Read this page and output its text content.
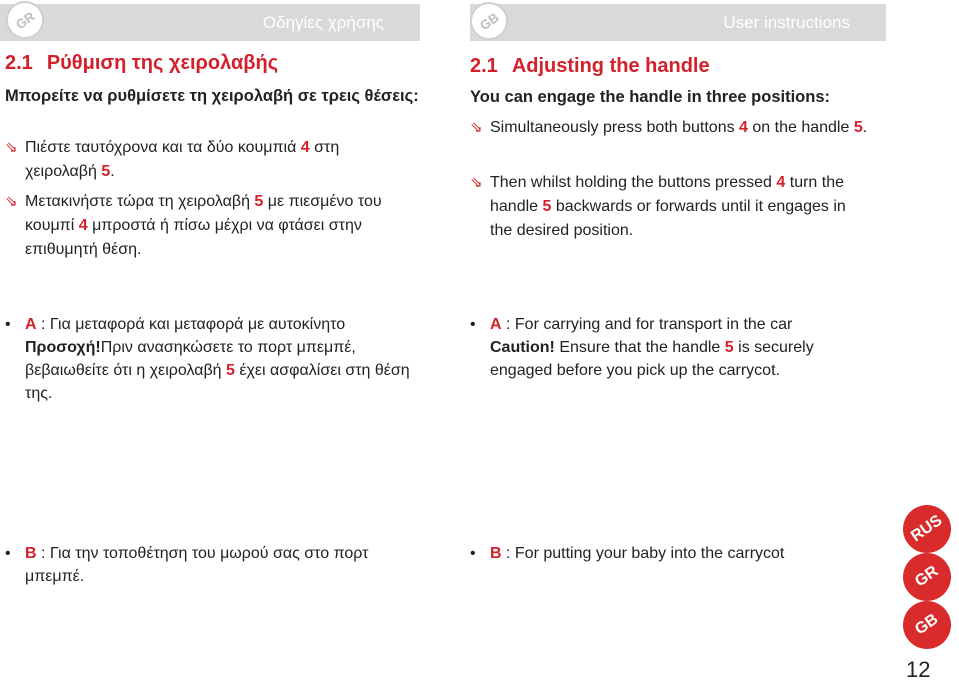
Οδηγίες χρήσης
GR
2.1 Ρύθμιση της χειρολαβής
Μπορείτε να ρυθμίσετε τη χειρολαβή σε τρεις θέσεις:
⇘ Πιέστε ταυτόχρονα και τα δύο κουμπιά 4 στη χειρολαβή 5.
⇘ Μετακινήστε τώρα τη χειρολαβή 5 με πιεσμένο του κουμπί 4 μπροστά ή πίσω μέχρι να φτάσει στην επιθυμητή θέση.
• A : Για μεταφορά και μεταφορά με αυτοκίνητο
Προσοχή!Πριν ανασηκώσετε το πορτ μπεμπέ, βεβαιωθείτε ότι η χειρολαβή 5 έχει ασφαλίσει στη θέση της.
• B : Για την τοποθέτηση του μωρού σας στο πορτ μπεμπέ.
User instructions
GB
2.1 Adjusting the handle
You can engage the handle in three positions:
⇘ Simultaneously press both buttons 4 on the handle 5.
⇘ Then whilst holding the buttons pressed 4 turn the handle 5 backwards or forwards until it engages in the desired position.
• A : For carrying and for transport in the car
Caution! Ensure that the handle 5 is securely engaged before you pick up the carrycot.
• B : For putting your baby into the carrycot
RUS
GR
GB
12
